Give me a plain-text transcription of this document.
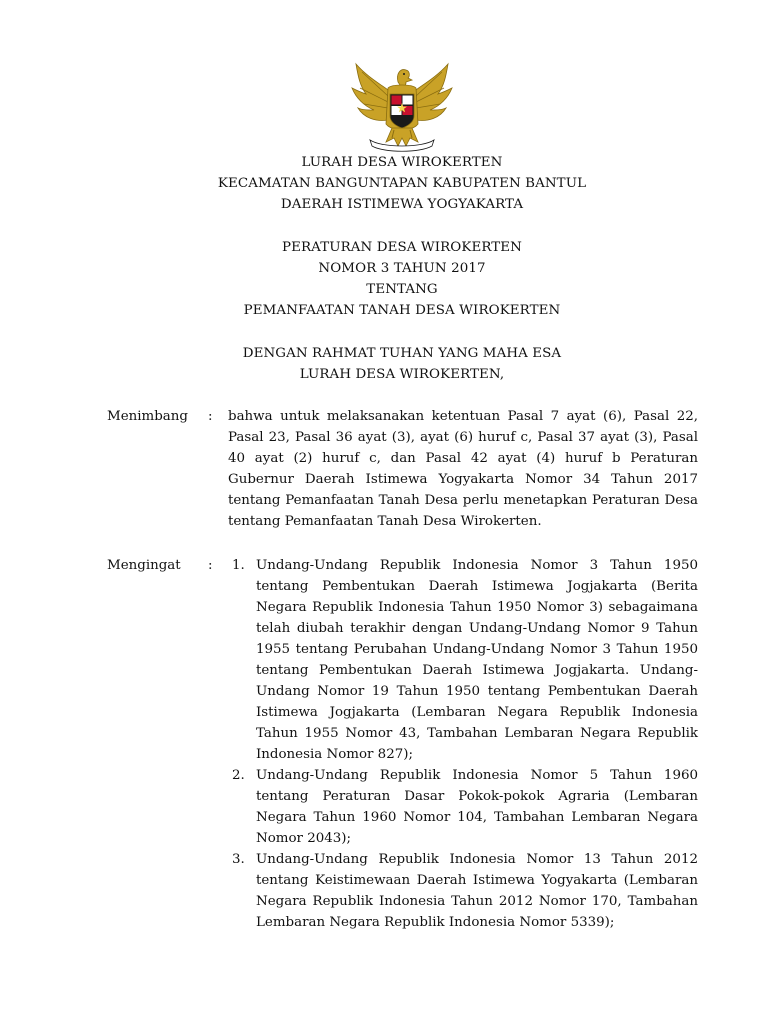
LURAH DESA WIROKERTEN
KECAMATAN BANGUNTAPAN KABUPATEN BANTUL
DAERAH ISTIMEWA YOGYAKARTA
PERATURAN DESA WIROKERTEN
NOMOR 3 TAHUN 2017
TENTANG
PEMANFAATAN TANAH DESA WIROKERTEN
DENGAN RAHMAT TUHAN YANG MAHA ESA
LURAH DESA WIROKERTEN,
Menimbang : bahwa untuk melaksanakan ketentuan Pasal 7 ayat (6), Pasal 22, Pasal 23, Pasal 36 ayat (3), ayat (6) huruf c, Pasal 37 ayat (3), Pasal 40 ayat (2) huruf c, dan Pasal 42 ayat (4) huruf b Peraturan Gubernur Daerah Istimewa Yogyakarta Nomor 34 Tahun 2017 tentang Pemanfaatan Tanah Desa perlu menetapkan Peraturan Desa tentang Pemanfaatan Tanah Desa Wirokerten.

Mengingat : 1. Undang-Undang Republik Indonesia Nomor 3 Tahun 1950 tentang Pembentukan Daerah Istimewa Jogjakarta (Berita Negara Republik Indonesia Tahun 1950 Nomor 3) sebagaimana telah diubah terakhir dengan Undang-Undang Nomor 9 Tahun 1955 tentang Perubahan Undang-Undang Nomor 3 Tahun 1950 tentang Pembentukan Daerah Istimewa Jogjakarta. Undang-Undang Nomor 19 Tahun 1950 tentang Pembentukan Daerah Istimewa Jogjakarta (Lembaran Negara Republik Indonesia Tahun 1955 Nomor 43, Tambahan Lembaran Negara Republik Indonesia Nomor 827);

2. Undang-Undang Republik Indonesia Nomor 5 Tahun 1960 tentang Peraturan Dasar Pokok-pokok Agraria (Lembaran Negara Tahun 1960 Nomor 104, Tambahan Lembaran Negara Nomor 2043);

3. Undang-Undang Republik Indonesia Nomor 13 Tahun 2012 tentang Keistimewaan Daerah Istimewa Yogyakarta (Lembaran Negara Republik Indonesia Tahun 2012 Nomor 170, Tambahan Lembaran Negara Republik Indonesia Nomor 5339);
